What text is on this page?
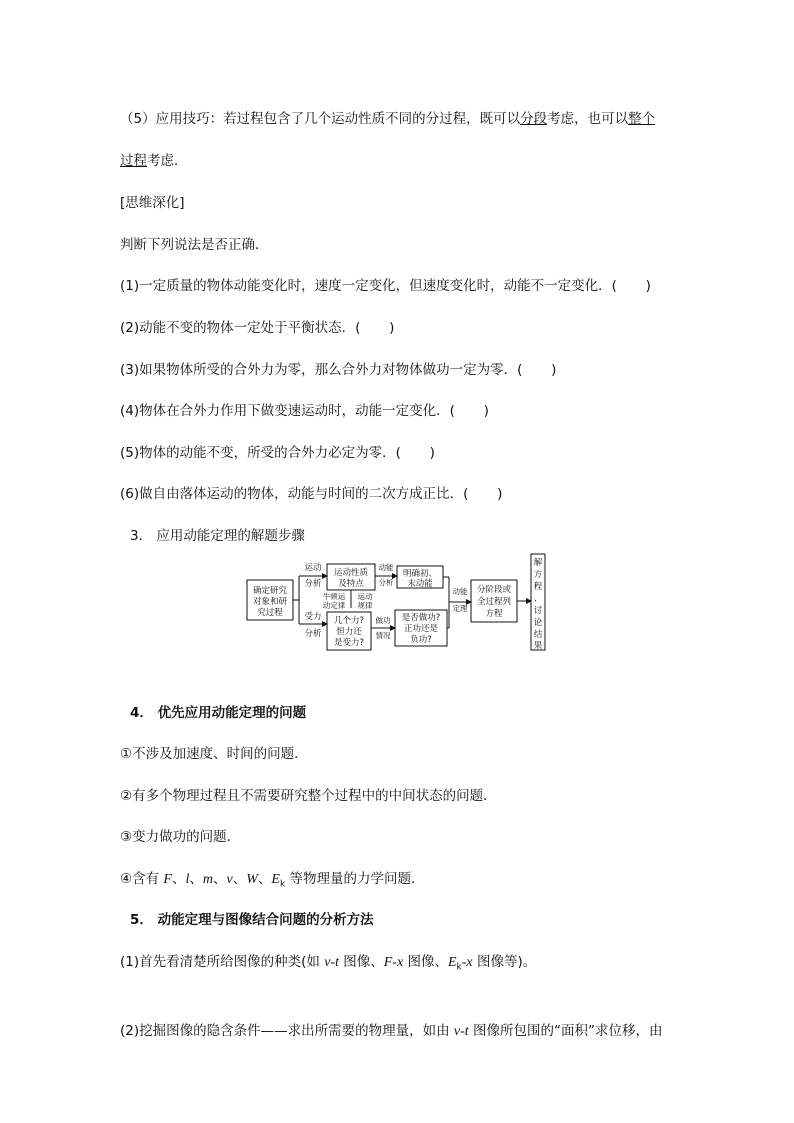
（5）应用技巧：若过程包含了几个运动性质不同的分过程，既可以分段考虑，也可以整个
过程考虑．
[思维深化]
判断下列说法是否正确．
(1)一定质量的物体动能变化时，速度一定变化，但速度变化时，动能不一定变化．( )
(2)动能不变的物体一定处于平衡状态．( )
(3)如果物体所受的合外力为零，那么合外力对物体做功一定为零．( )
(4)物体在合外力作用下做变速运动时，动能一定变化．( )
(5)物体的动能不变，所受的合外力必定为零．( )
(6)做自由落体运动的物体，动能与时间的二次方成正比．( )
3． 应用动能定理的解题步骤
确定研究
对象和研
究过程
运动
分析
受力
分析
运动性质
及特点
牛顿运
动定律
运动
规律
几个力?
恒力还
是变力?
动能
分析
做功
情况
明确初、
末动能
是否做功?
正功还是
负功?
动能
定理
分阶段或
全过程列
方程
解
方
程
、
讨
论
结
果
4． 优先应用动能定理的问题
①不涉及加速度、时间的问题．
②有多个物理过程且不需要研究整个过程中的中间状态的问题．
③变力做功的问题．
④含有 F、l、m、v、W、$E_k$ 等物理量的力学问题．
5． 动能定理与图像结合问题的分析方法
(1)首先看清楚所给图像的种类(如 v-t 图像、F-x 图像、$E_k-x$ 图像等)。
(2)挖掘图像的隐含条件——求出所需要的物理量，如由 v-t 图像所包围的“面积”求位移，由
